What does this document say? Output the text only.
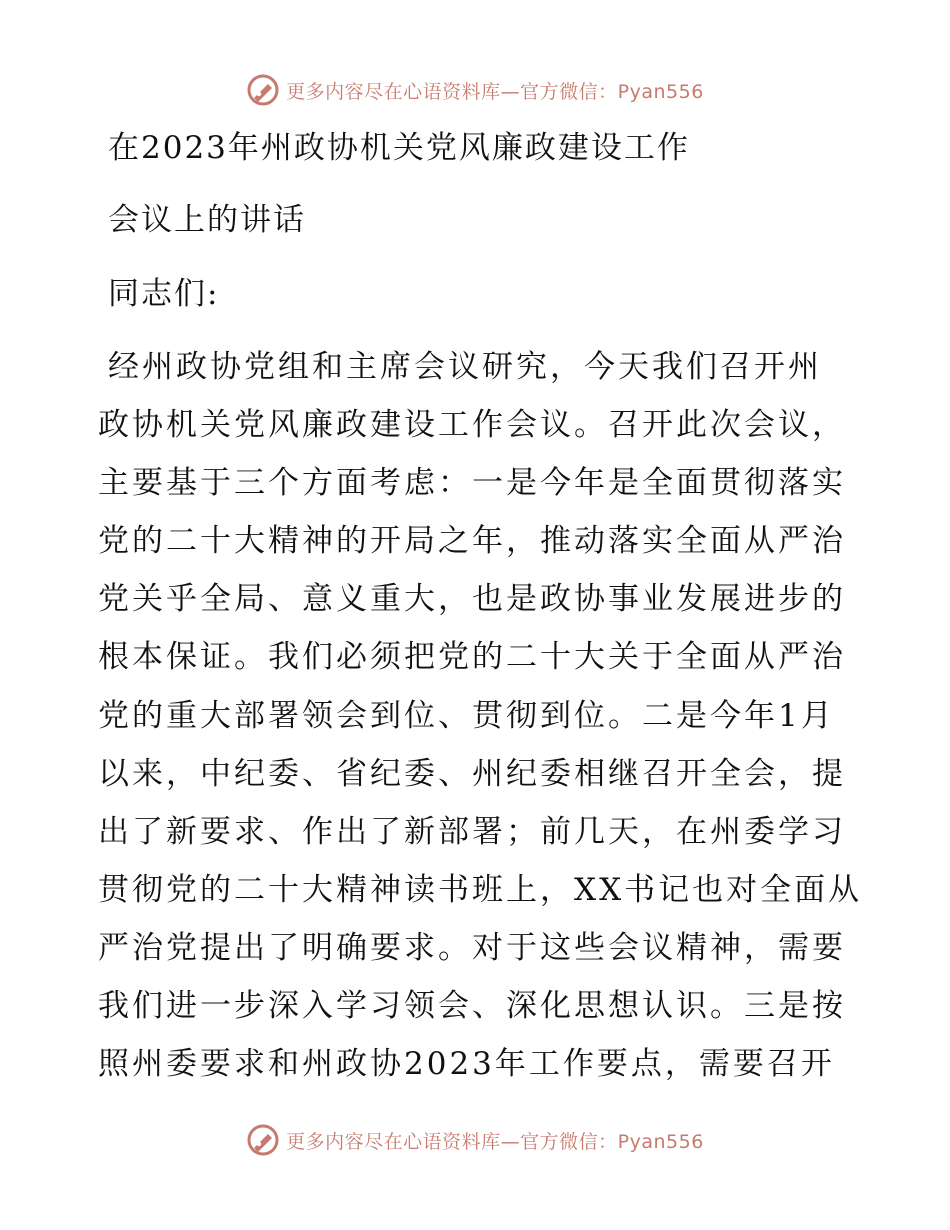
更多内容尽在心语资料库—官方微信：Pyan556
在2023年州政协机关党风廉政建设工作
会议上的讲话
同志们:
经州政协党组和主席会议研究，今天我们召开州
政协机关党风廉政建设工作会议。召开此次会议，
主要基于三个方面考虑：一是今年是全面贯彻落实
党的二十大精神的开局之年，推动落实全面从严治
党关乎全局、意义重大，也是政协事业发展进步的
根本保证。我们必须把党的二十大关于全面从严治
党的重大部署领会到位、贯彻到位。二是今年1月
以来，中纪委、省纪委、州纪委相继召开全会，提
出了新要求、作出了新部署；前几天，在州委学习
贯彻党的二十大精神读书班上，XX书记也对全面从
严治党提出了明确要求。对于这些会议精神，需要
我们进一步深入学习领会、深化思想认识。三是按
照州委要求和州政协2023年工作要点，需要召开
更多内容尽在心语资料库—官方微信：Pyan556
